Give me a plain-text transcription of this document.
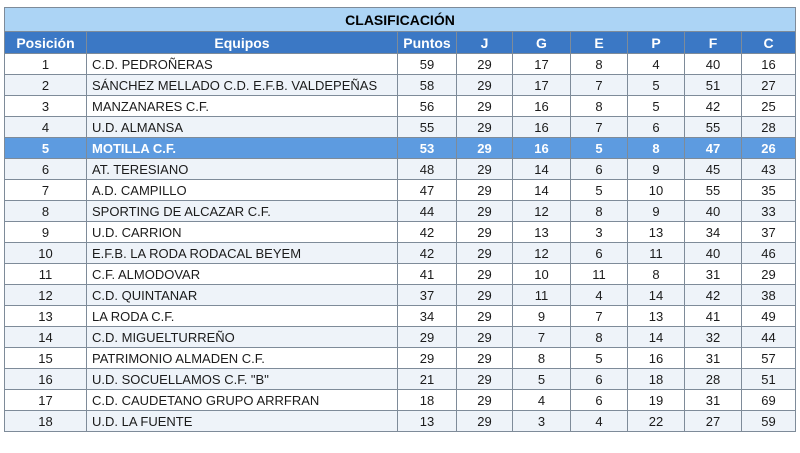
CLASIFICACIÓN								
Posición	Equipos	Puntos	J	G	E	P	F	C
1	C.D. PEDROÑERAS	59	29	17	8	4	40	16
2	SÁNCHEZ MELLADO C.D. E.F.B. VALDEPEÑAS	58	29	17	7	5	51	27
3	MANZANARES C.F.	56	29	16	8	5	42	25
4	U.D. ALMANSA	55	29	16	7	6	55	28
5	MOTILLA C.F.	53	29	16	5	8	47	26
6	AT. TERESIANO	48	29	14	6	9	45	43
7	A.D. CAMPILLO	47	29	14	5	10	55	35
8	SPORTING DE ALCAZAR C.F.	44	29	12	8	9	40	33
9	U.D. CARRION	42	29	13	3	13	34	37
10	E.F.B. LA RODA RODACAL BEYEM	42	29	12	6	11	40	46
11	C.F. ALMODOVAR	41	29	10	11	8	31	29
12	C.D. QUINTANAR	37	29	11	4	14	42	38
13	LA RODA C.F.	34	29	9	7	13	41	49
14	C.D. MIGUELTURREÑO	29	29	7	8	14	32	44
15	PATRIMONIO ALMADEN C.F.	29	29	8	5	16	31	57
16	U.D. SOCUELLAMOS C.F. "B"	21	29	5	6	18	28	51
17	C.D. CAUDETANO GRUPO ARRFRAN	18	29	4	6	19	31	69
18	U.D. LA FUENTE	13	29	3	4	22	27	59
